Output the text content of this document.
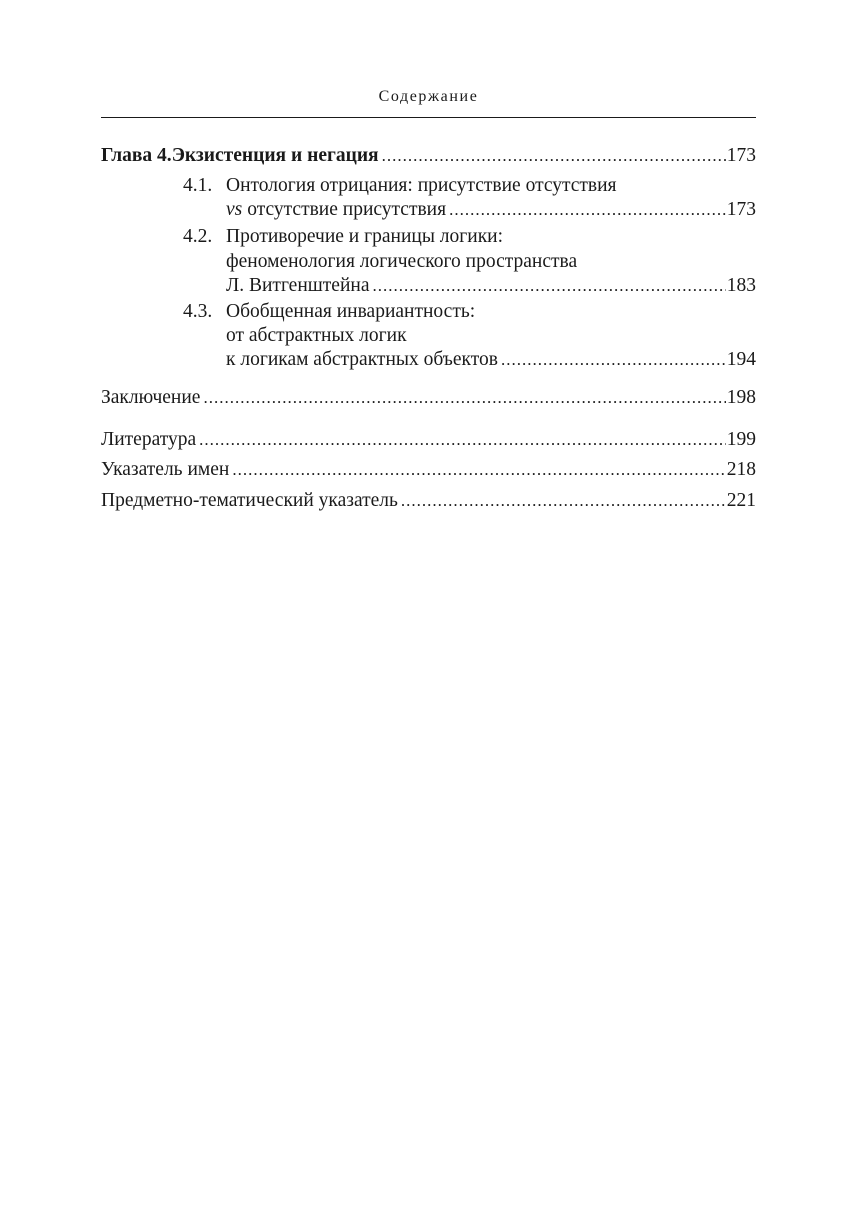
Содержание
Глава 4. Экзистенция и негация .....	173
4.1. Онтология отрицания: присутствие отсутствия
vs отсутствие присутствия .....	173
4.2. Противоречие и границы логики:
феноменология логического пространства
Л. Витгенштейна .....	183
4.3. Обобщенная инвариантность:
от абстрактных логик
к логикам абстрактных объектов .....	194
Заключение .....	198
Литература .....	199
Указатель имен .....	218
Предметно-тематический указатель .....	221
